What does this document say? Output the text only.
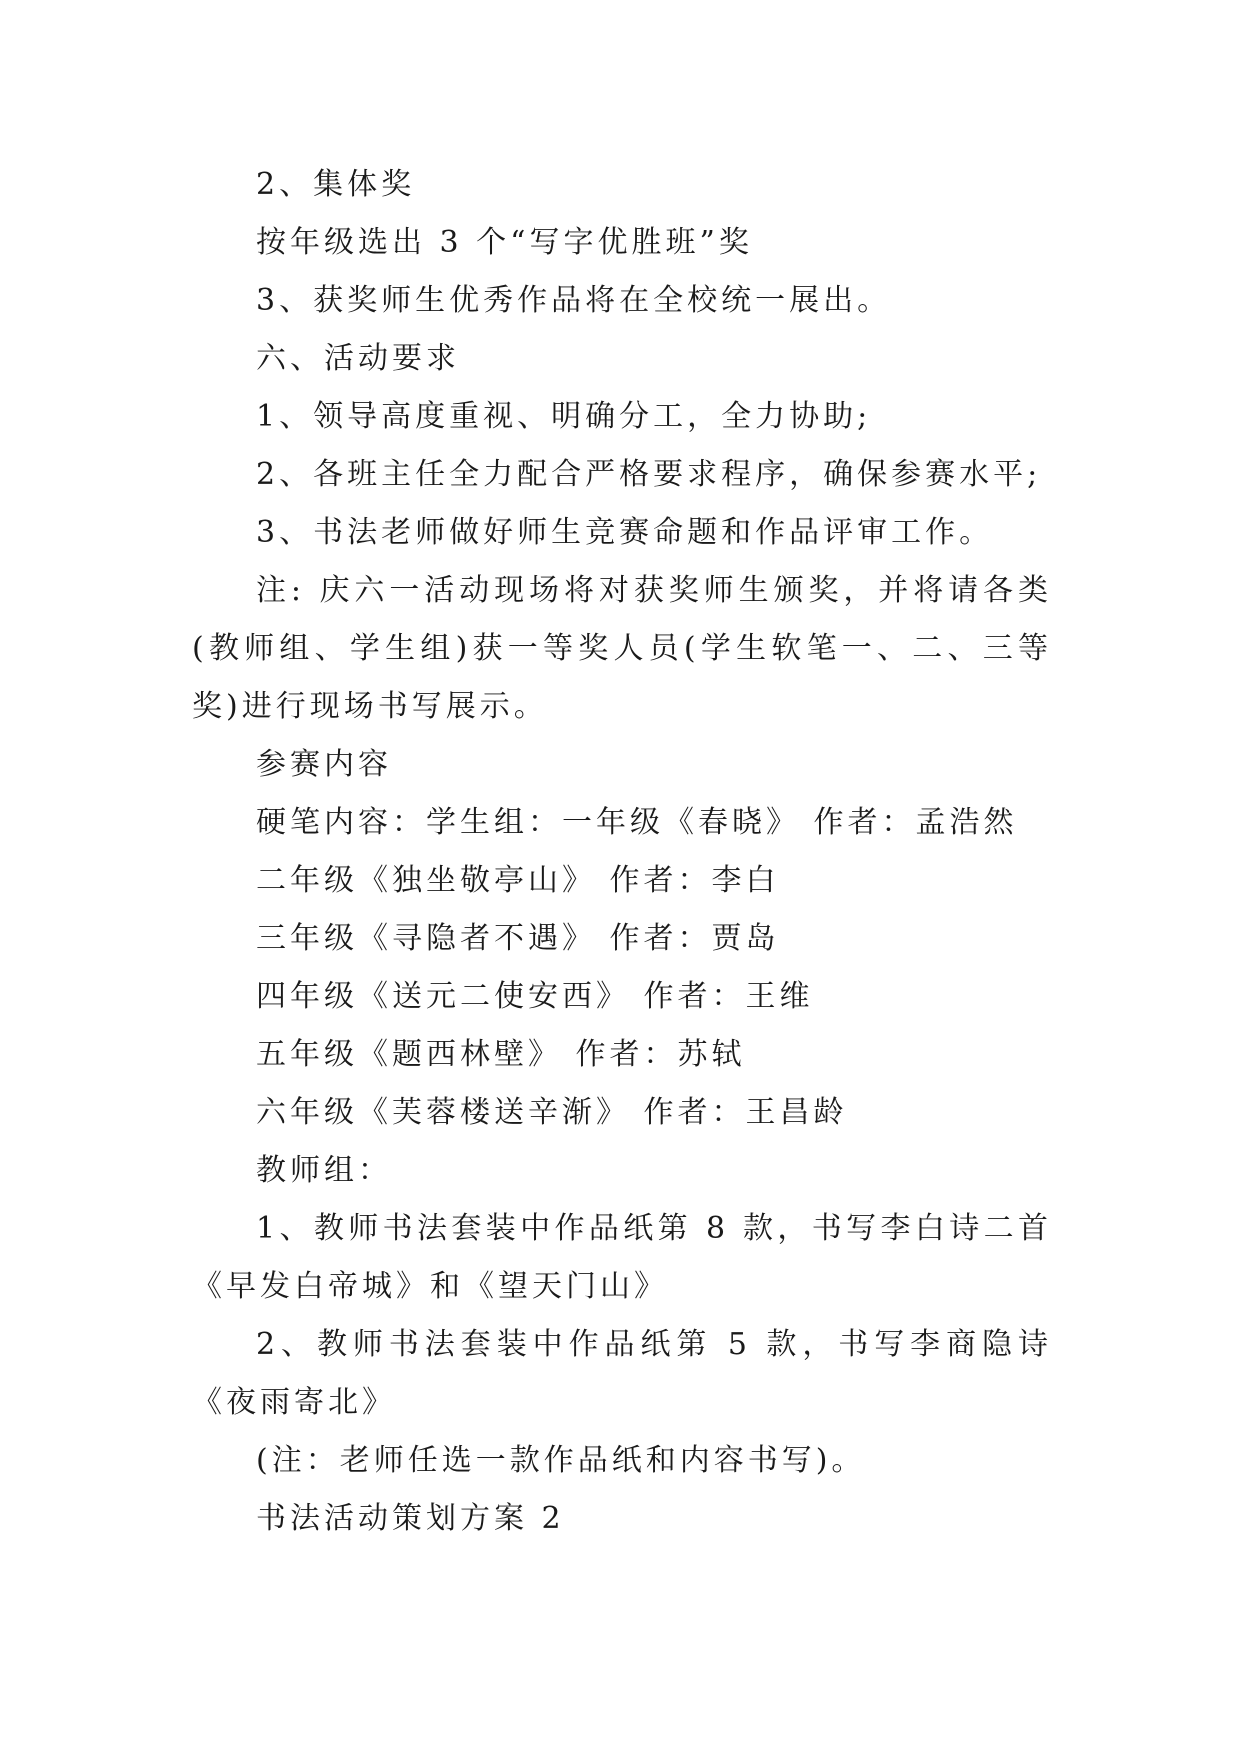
2、集体奖

按年级选出 3 个“写字优胜班”奖

3、获奖师生优秀作品将在全校统一展出。

六、活动要求

1、领导高度重视、明确分工，全力协助;

2、各班主任全力配合严格要求程序，确保参赛水平;

3、书法老师做好师生竞赛命题和作品评审工作。

注: 庆六一活动现场将对获奖师生颁奖，并将请各类(教师组、学生组)获一等奖人员(学生软笔一、二、三等奖)进行现场书写展示。

参赛内容

硬笔内容：学生组：一年级《春晓》 作者：孟浩然

二年级《独坐敬亭山》 作者：李白

三年级《寻隐者不遇》 作者：贾岛

四年级《送元二使安西》 作者：王维

五年级《题西林壁》 作者：苏轼

六年级《芙蓉楼送辛渐》 作者：王昌龄

教师组：

1、教师书法套装中作品纸第 8 款，书写李白诗二首《早发白帝城》和《望天门山》

2、教师书法套装中作品纸第 5 款，书写李商隐诗《夜雨寄北》

(注：老师任选一款作品纸和内容书写)。

书法活动策划方案 2
